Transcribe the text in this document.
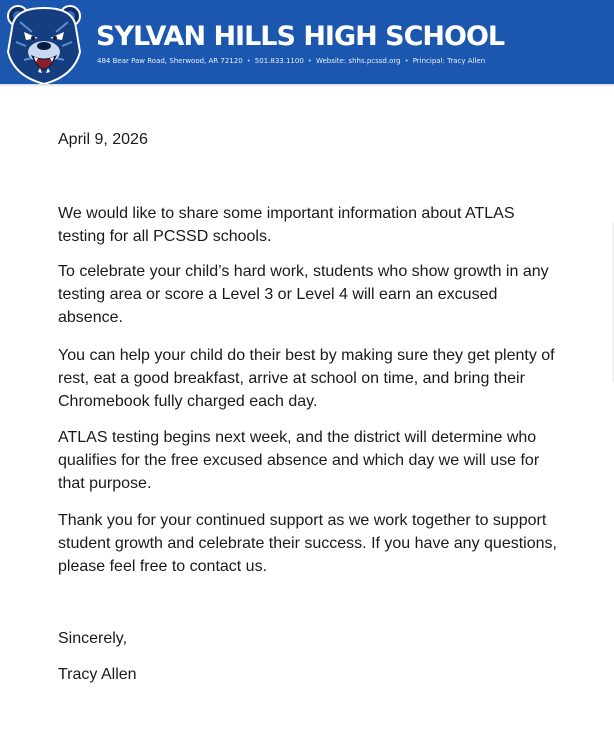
SYLVAN HILLS HIGH SCHOOL
484 Bear Paw Road, Sherwood, AR 72120 • 501.833.1100 • Website: shhs.pcssd.org • Principal: Tracy Allen

April 9, 2026

We would like to share some important information about ATLAS testing for all PCSSD schools.

To celebrate your child’s hard work, students who show growth in any testing area or score a Level 3 or Level 4 will earn an excused absence.

You can help your child do their best by making sure they get plenty of rest, eat a good breakfast, arrive at school on time, and bring their Chromebook fully charged each day.

ATLAS testing begins next week, and the district will determine who qualifies for the free excused absence and which day we will use for that purpose.

Thank you for your continued support as we work together to support student growth and celebrate their success. If you have any questions, please feel free to contact us.

Sincerely,

Tracy Allen
